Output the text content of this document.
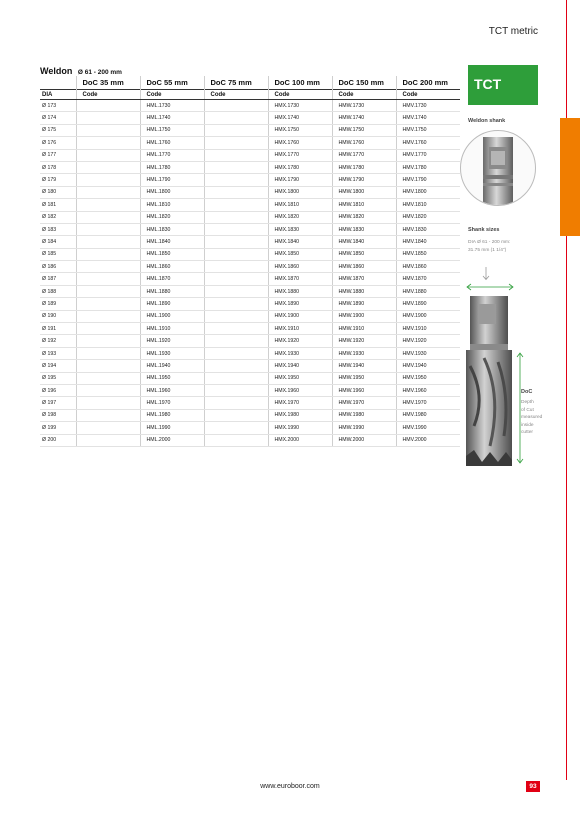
TCT metric
Weldon Ø 61 - 200 mm
	DoC 35 mm	DoC 55 mm	DoC 75 mm	DoC 100 mm	DoC 150 mm	DoC 200 mm
DIA	Code	Code	Code	Code	Code	Code
Ø 173		HML.1730		HMX.1730	HMW.1730	HMV.1730
Ø 174		HML.1740		HMX.1740	HMW.1740	HMV.1740
Ø 175		HML.1750		HMX.1750	HMW.1750	HMV.1750
Ø 176		HML.1760		HMX.1760	HMW.1760	HMV.1760
Ø 177		HML.1770		HMX.1770	HMW.1770	HMV.1770
Ø 178		HML.1780		HMX.1780	HMW.1780	HMV.1780
Ø 179		HML.1790		HMX.1790	HMW.1790	HMV.1790
Ø 180		HML.1800		HMX.1800	HMW.1800	HMV.1800
Ø 181		HML.1810		HMX.1810	HMW.1810	HMV.1810
Ø 182		HML.1820		HMX.1820	HMW.1820	HMV.1820
Ø 183		HML.1830		HMX.1830	HMW.1830	HMV.1830
Ø 184		HML.1840		HMX.1840	HMW.1840	HMV.1840
Ø 185		HML.1850		HMX.1850	HMW.1850	HMV.1850
Ø 186		HML.1860		HMX.1860	HMW.1860	HMV.1860
Ø 187		HML.1870		HMX.1870	HMW.1870	HMV.1870
Ø 188		HML.1880		HMX.1880	HMW.1880	HMV.1880
Ø 189		HML.1890		HMX.1890	HMW.1890	HMV.1890
Ø 190		HML.1900		HMX.1900	HMW.1900	HMV.1900
Ø 191		HML.1910		HMX.1910	HMW.1910	HMV.1910
Ø 192		HML.1920		HMX.1920	HMW.1920	HMV.1920
Ø 193		HML.1930		HMX.1930	HMW.1930	HMV.1930
Ø 194		HML.1940		HMX.1940	HMW.1940	HMV.1940
Ø 195		HML.1950		HMX.1950	HMW.1950	HMV.1950
Ø 196		HML.1960		HMX.1960	HMW.1960	HMV.1960
Ø 197		HML.1970		HMX.1970	HMW.1970	HMV.1970
Ø 198		HML.1980		HMX.1980	HMW.1980	HMV.1980
Ø 199		HML.1990		HMX.1990	HMW.1990	HMV.1990
Ø 200		HML.2000		HMX.2000	HMW.2000	HMV.2000
TCT
Weldon shank
Shank sizes
DIA Ø 61 - 200 mm:
31.75 mm (1 1/4")
DoC
Depth
of Cut
measured
inside
cutter
www.euroboor.com	93
